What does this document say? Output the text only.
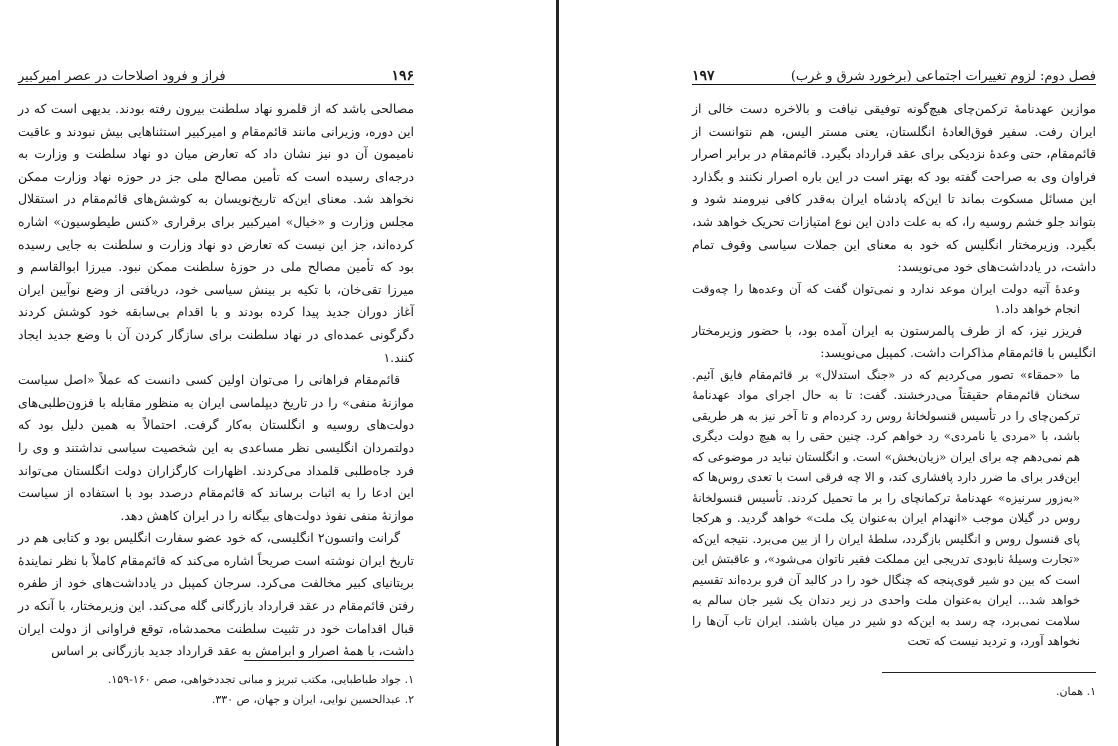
۱۹۶
فراز و فرود اصلاحات در عصر امیرکبیر

مصالحی باشد که از قلمرو نهاد سلطنت بیرون رفته بودند. بدیهی است که در این دوره، وزیرانی مانند قائم‌مقام و امیرکبیر استثناهایی بیش نبودند و عاقبت نامیمون آن دو نیز نشان داد که تعارض میان دو نهاد سلطنت و وزارت به درجه‌ای رسیده است که تأمین مصالح ملی جز در حوزه نهاد وزارت ممکن نخواهد شد. معنای این‌که تاریخ‌نویسان به کوشش‌های قائم‌مقام در استقلال مجلس وزارت و «خیال» امیرکبیر برای برقراری «کنس طیطوسیون» اشاره کرده‌اند، جز این نیست که تعارض دو نهاد وزارت و سلطنت به جایی رسیده بود که تأمین مصالح ملی در حوزهٔ سلطنت ممکن نبود. میرزا ابوالقاسم و میرزا تقی‌خان، با تکیه بر بینش سیاسی خود، دریافتی از وضع نوآیین ایران آغاز دوران جدید پیدا کرده بودند و با اقدام بی‌سابقه خود کوشش کردند دگرگونی عمده‌ای در نهاد سلطنت برای سازگار کردن آن با وضع جدید ایجاد کنند.۱

قائم‌مقام فراهانی را می‌توان اولین کسی دانست که عملاً «اصل سیاست موازنهٔ منفی» را در تاریخ دیپلماسی ایران به منظور مقابله با فزون‌طلبی‌های دولت‌های روسیه و انگلستان به‌کار گرفت. احتمالاً به همین دلیل بود که دولتمردان انگلیسی نظر مساعدی به این شخصیت سیاسی نداشتند و وی را فرد جاه‌طلبی قلمداد می‌کردند. اظهارات کارگزاران دولت انگلستان می‌تواند این ادعا را به اثبات برساند که قائم‌مقام درصدد بود با استفاده از سیاست موازنهٔ منفی نفوذ دولت‌های بیگانه را در ایران کاهش دهد.

گرانت واتسون۲ انگلیسی، که خود عضو سفارت انگلیس بود و کتابی هم در تاریخ ایران نوشته است صریحاً اشاره می‌کند که قائم‌مقام کاملاً با نظر نمایندهٔ بریتانیای کبیر مخالفت می‌کرد. سرجان کمپبل در یادداشت‌های خود از طفره رفتن قائم‌مقام در عقد قرارداد بازرگانی گله می‌کند. این وزیرمختار، با آنکه در قبال اقدامات خود در تثبیت سلطنت محمدشاه، توقع فراوانی از دولت ایران داشت، با همهٔ اصرار و ابرامش به عقد قرارداد جدید بازرگانی بر اساس

۱. جواد طباطبایی، مکتب تبریز و مبانی تجددخواهی، صص ۱۶۰-۱۵۹.
۲. عبدالحسین نوایی، ایران و جهان، ص ۳۳۰.
فصل دوم: لزوم تغییرات اجتماعی (برخورد شرق و غرب)
۱۹۷

موازین عهدنامهٔ ترکمن‌چای هیچ‌گونه توفیقی نیافت و بالاخره دست خالی از ایران رفت. سفیر فوق‌العادهٔ انگلستان، یعنی مستر الیس، هم نتوانست از قائم‌مقام، حتی وعدهٔ نزدیکی برای عقد قرارداد بگیرد. قائم‌مقام در برابر اصرار فراوان وی به صراحت گفته بود که بهتر است در این باره اصرار نکنند و بگذارد این مسائل مسکوت بماند تا این‌که پادشاه ایران به‌قدر کافی نیرومند شود و بتواند جلو خشم روسیه را، که به علت دادن این نوع امتیازات تحریک خواهد شد، بگیرد. وزیرمختار انگلیس که خود به معنای این جملات سیاسی وقوف تمام داشت، در یادداشت‌های خود می‌نویسد:

وعدهٔ آتیه دولت ایران موعد ندارد و نمی‌توان گفت که آن وعده‌ها را چه‌وقت انجام خواهد داد.۱

فریزر نیز، که از طرف پالمرستون به ایران آمده بود، با حضور وزیرمختار انگلیس با قائم‌مقام مذاکرات داشت. کمپبل می‌نویسد:

ما «حمقاء» تصور می‌کردیم که در «جنگ استدلال» بر قائم‌مقام فایق آئیم. سخنان قائم‌مقام حقیقتاً می‌درخشند. گفت: تا به حال اجرای مواد عهدنامهٔ ترکمن‌چای را در تأسیس قنسولخانهٔ روس رد کرده‌ام و تا آخر نیز به هر طریقی باشد، با «مردی یا نامردی» رد خواهم کرد. چنین حقی را به هیچ دولت دیگری هم نمی‌دهم چه برای ایران «زیان‌بخش» است. و انگلستان نباید در موضوعی که این‌قدر برای ما ضرر دارد پافشاری کند، و الا چه فرقی است با تعدی روس‌ها که «به‌زور سرنیزه» عهدنامهٔ ترکمانچای را بر ما تحمیل کردند. تأسیس قنسولخانهٔ روس در گیلان موجب «انهدام ایران به‌عنوان یک ملت» خواهد گردید. و هرکجا پای قنسول روس و انگلیس بازگردد، سلطهٔ ایران را از بین می‌برد. نتیجه این‌که «تجارت وسیلهٔ نابودی تدریجی این مملکت فقیر ناتوان می‌شود»، و عاقبتش این است که بین دو شیر قوی‌پنجه که چنگال خود را در کالبد آن فرو برده‌اند تقسیم خواهد شد... ایران به‌عنوان ملت واحدی در زیر دندان یک شیر جان سالم به سلامت نمی‌برد، چه رسد به این‌که دو شیر در میان باشند. ایران تاب آن‌ها را نخواهد آورد، و تردید نیست که تحت

۱. همان.
